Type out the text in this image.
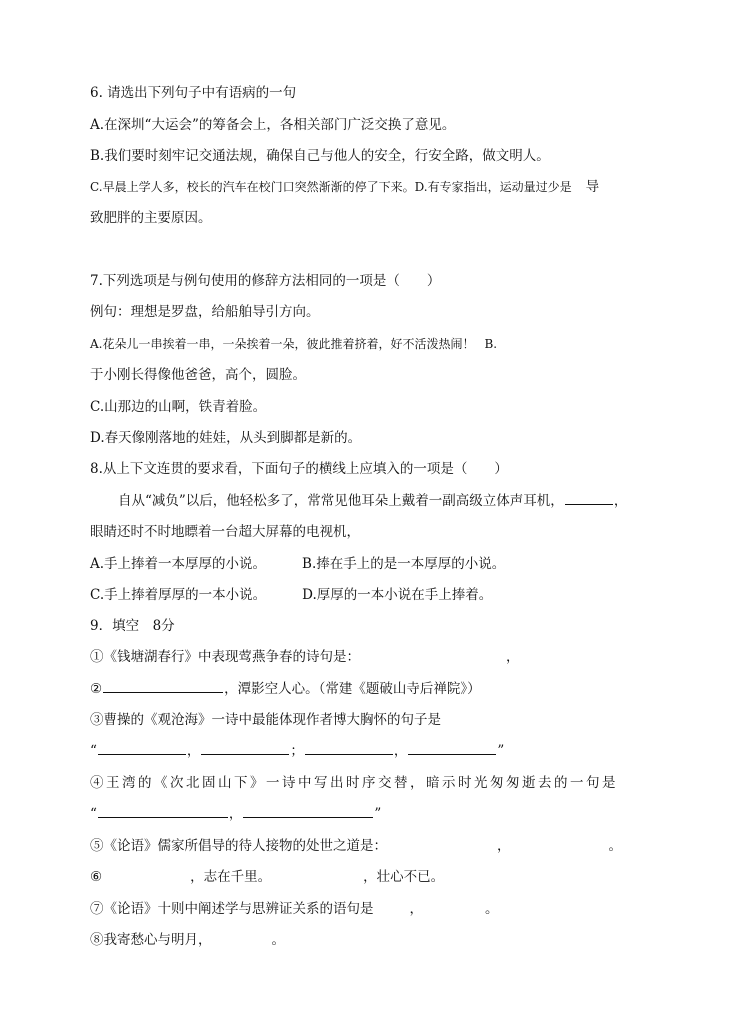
6. 请选出下列句子中有语病的一句
A.在深圳“大运会”的筹备会上，各相关部门广泛交换了意见。
B.我们要时刻牢记交通法规，确保自己与他人的安全，行安全路，做文明人。
C.早晨上学人多，校长的汽车在校门口突然渐渐的停了下来。D.有专家指出，运动量过少是 导
致肥胖的主要原因。
7.下列选项是与例句使用的修辞方法相同的一项是（　　）
例句：理想是罗盘，给船舶导引方向。
A.花朵儿一串挨着一串，一朵挨着一朵，彼此推着挤着，好不活泼热闹！ B.
于小刚长得像他爸爸，高个，圆脸。
C.山那边的山啊，铁青着脸。
D.春天像刚落地的娃娃，从头到脚都是新的。
8.从上下文连贯的要求看，下面句子的横线上应填入的一项是（　　）
自从“减负”以后，他轻松多了，常常见他耳朵上戴着一副高级立体声耳机，	，
眼睛还时不时地瞟着一台超大屏幕的电视机，
A.手上捧着一本厚厚的小说。	B.捧在手上的是一本厚厚的小说。
C.手上捧着厚厚的一本小说。	D.厚厚的一本小说在手上捧着。
9．填空　8分
①《钱塘湖春行》中表现莺燕争春的诗句是：	，
②	，潭影空人心。（常建《题破山寺后禅院》）
③曹操的《观沧海》一诗中最能体现作者博大胸怀的句子是
“	，	；	，	”
④王湾的《次北固山下》一诗中写出时序交替，暗示时光匆匆逝去的一句是
“	，	”
⑤《论语》儒家所倡导的待人接物的处世之道是：	，	。
⑥	，志在千里。	，壮心不已。
⑦《论语》十则中阐述学与思辨证关系的语句是	，	。
⑧我寄愁心与明月，	。
